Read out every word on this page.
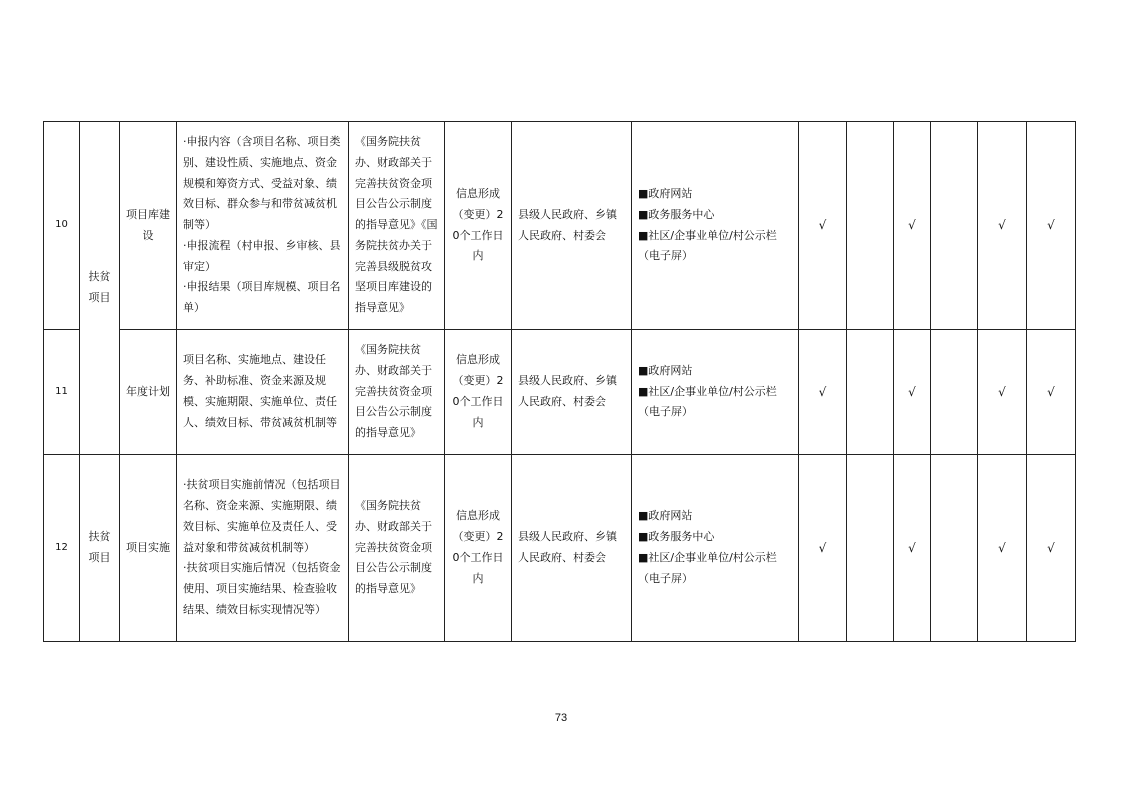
10	扶贫项目	项目库建设	·申报内容（含项目名称、项目类别、建设性质、实施地点、资金规模和筹资方式、受益对象、绩效目标、群众参与和带贫减贫机制等）
·申报流程（村申报、乡审核、县审定）
·申报结果（项目库规模、项目名单）	《国务院扶贫办、财政部关于完善扶贫资金项目公告公示制度的指导意见》《国务院扶贫办关于完善县级脱贫攻坚项目库建设的指导意见》	信息形成（变更）20个工作日内	县级人民政府、乡镇人民政府、村委会	■政府网站
■政务服务中心
■社区/企事业单位/村公示栏（电子屏）	√		√		√	√
11		年度计划	项目名称、实施地点、建设任务、补助标准、资金来源及规模、实施期限、实施单位、责任人、绩效目标、带贫减贫机制等	《国务院扶贫办、财政部关于完善扶贫资金项目公告公示制度的指导意见》	信息形成（变更）20个工作日内	县级人民政府、乡镇人民政府、村委会	■政府网站
■社区/企事业单位/村公示栏（电子屏）	√		√		√	√
12	扶贫项目	项目实施	·扶贫项目实施前情况（包括项目名称、资金来源、实施期限、绩效目标、实施单位及责任人、受益对象和带贫减贫机制等）
·扶贫项目实施后情况（包括资金使用、项目实施结果、检查验收结果、绩效目标实现情况等）	《国务院扶贫办、财政部关于完善扶贫资金项目公告公示制度的指导意见》	信息形成（变更）20个工作日内	县级人民政府、乡镇人民政府、村委会	■政府网站
■政务服务中心
■社区/企事业单位/村公示栏（电子屏）	√		√		√	√
73
